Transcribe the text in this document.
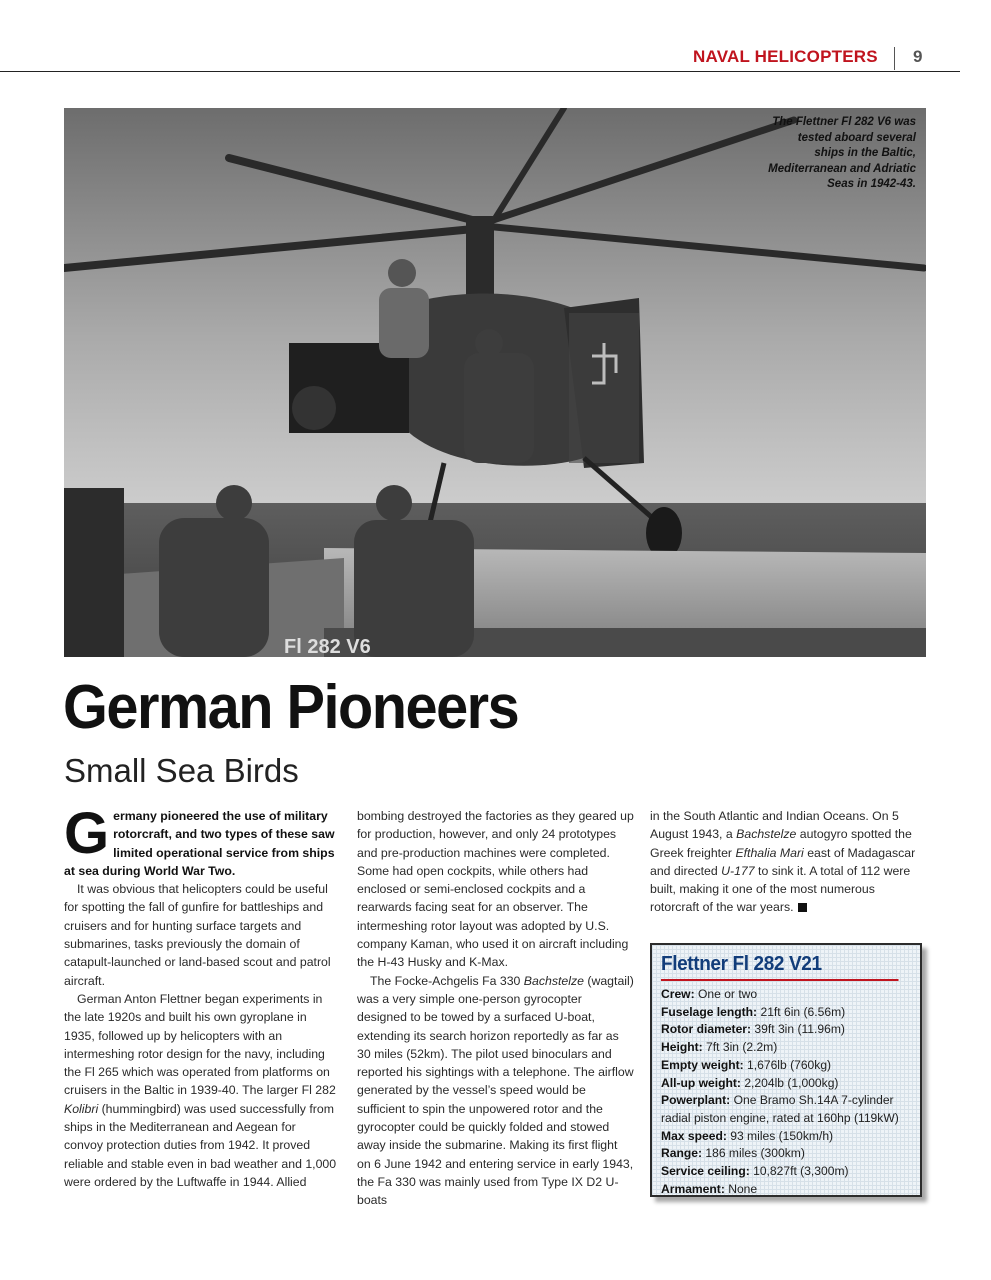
NAVAL HELICOPTERS 9
Fl 282 V6
The Flettner Fl 282 V6 was tested aboard several ships in the Baltic, Mediterranean and Adriatic Seas in 1942-43.
German Pioneers
Small Sea Birds

Germany pioneered the use of military rotorcraft, and two types of these saw limited operational service from ships at sea during World War Two.

It was obvious that helicopters could be useful for spotting the fall of gunfire for battleships and cruisers and for hunting surface targets and submarines, tasks previously the domain of catapult-launched or land-based scout and patrol aircraft.

German Anton Flettner began experiments in the late 1920s and built his own gyroplane in 1935, followed up by helicopters with an intermeshing rotor design for the navy, including the Fl 265 which was operated from platforms on cruisers in the Baltic in 1939-40. The larger Fl 282 Kolibri (hummingbird) was used successfully from ships in the Mediterranean and Aegean for convoy protection duties from 1942. It proved reliable and stable even in bad weather and 1,000 were ordered by the Luftwaffe in 1944. Allied

bombing destroyed the factories as they geared up for production, however, and only 24 prototypes and pre-production machines were completed. Some had open cockpits, while others had enclosed or semi-enclosed cockpits and a rearwards facing seat for an observer. The intermeshing rotor layout was adopted by U.S. company Kaman, who used it on aircraft including the H-43 Husky and K-Max.

The Focke-Achgelis Fa 330 Bachstelze (wagtail) was a very simple one-person gyrocopter designed to be towed by a surfaced U-boat, extending its search horizon reportedly as far as 30 miles (52km). The pilot used binoculars and reported his sightings with a telephone. The airflow generated by the vessel’s speed would be sufficient to spin the unpowered rotor and the gyrocopter could be quickly folded and stowed away inside the submarine. Making its first flight on 6 June 1942 and entering service in early 1943, the Fa 330 was mainly used from Type IX D2 U-boats

in the South Atlantic and Indian Oceans. On 5 August 1943, a Bachstelze autogyro spotted the Greek freighter Efthalia Mari east of Madagascar and directed U-177 to sink it. A total of 112 were built, making it one of the most numerous rotorcraft of the war years.

Flettner Fl 282 V21
Crew: One or two
Fuselage length: 21ft 6in (6.56m)
Rotor diameter: 39ft 3in (11.96m)
Height: 7ft 3in (2.2m)
Empty weight: 1,676lb (760kg)
All-up weight: 2,204lb (1,000kg)
Powerplant: One Bramo Sh.14A 7-cylinder radial piston engine, rated at 160hp (119kW)
Max speed: 93 miles (150km/h)
Range: 186 miles (300km)
Service ceiling: 10,827ft (3,300m)
Armament: None
